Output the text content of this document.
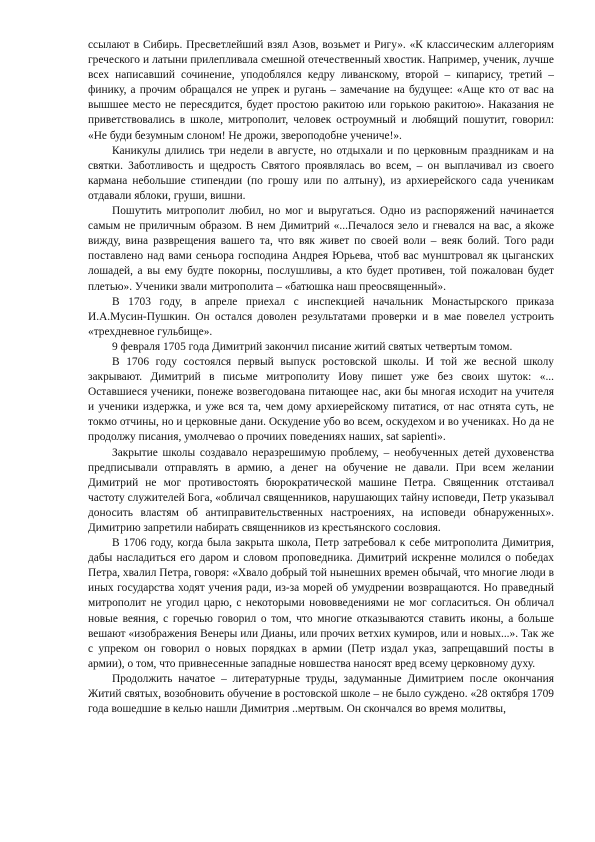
ссылают в Сибирь. Пресветлейший взял Азов, возьмет и Ригу». «К классическим аллегориям греческого и латыни прилепливала смешной отечественный хвостик. Например, ученик, лучше всех написавший сочинение, уподоблялся кедру ливанскому, второй – кипарису, третий – финику, а прочим обращался не упрек и ругань – замечание на будущее: «Аще кто от вас на вышшее место не пересядится, будет простою ракитою или горькою ракитою». Наказания не приветствовались в школе, митрополит, человек остроумный и любящий пошутит, говорил: «Не буди безумным слоном! Не дрожи, звероподобне учениче!».

Каникулы длились три недели в августе, но отдыхали и по церковным праздникам и на святки. Заботливость и щедрость Святого проявлялась во всем, – он выплачивал из своего кармана небольшие стипендии (по грошу или по алтыну), из архиерейского сада ученикам отдавали яблоки, груши, вишни.

Пошутить митрополит любил, но мог и выругаться. Одно из распоряжений начинается самым не приличным образом. В нем Димитрий «...Печалося зело и гневался на вас, а яkоже вижду, вина разврещения вашего та, что вяк живет по своей воли – веяк болий. Того ради поставлено над вами сеньора господина Андрея Юрьева, чтоб вас мунштровал як цыганских лошадей, а вы ему будте покорны, послушливы, а кто будет противен, той пожалован будет плетью». Ученики звали митрополита – «батюшка наш преосвященный».

В 1703 году, в апреле приехал с инспекцией начальник Монастырского приказа И.А.Мусин-Пушкин. Он остался доволен результатами проверки и в мае повелел устроить «трехдневное гульбище».

9 февраля 1705 года Димитрий закончил писание житий святых четвертым томом.

В 1706 году состоялся первый выпуск ростовской школы. И той же весной школу закрывают. Димитрий в письме митрополиту Иову пишет уже без своих шуток: «... Оставшиеся ученики, понеже возвегодована питающее нас, аки бы многая исходит на учителя и ученики издержка, и уже вся та, чем дому архиерейскому питатися, от нас отнята суть, не токмо отчины, но и церковные дани. Оскудение убо во всем, оскудехом и во учениках. Но да не продолжу писания, умолчевао о прочиих поведениях наших, sat sapienti».

Закрытие школы создавало неразрешимую проблему, – необученных детей духовенства предписывали отправлять в армию, а денег на обучение не давали. При всем желании Димитрий не мог противостоять бюрократической машине Петра. Священник отстаивал частоту служителей Бога, «обличал священников, нарушающих тайну исповеди, Петр указывал доносить властям об антиправительственных настроениях, на исповеди обнаруженных». Димитрию запретили набирать священников из крестьянского сословия.

В 1706 году, когда была закрыта школа, Петр затребовал к себе митрополита Димитрия, дабы насладиться его даром и словом проповедника. Димитрий искренне молился о победах Петра, хвалил Петра, говоря: «Хвало добрый той нынешних времен обычай, что многие люди в иных государства ходят учения ради, из-за морей об умудрении возвращаются. Но праведный митрополит не угодил царю, с некоторыми нововведениями не мог согласиться. Он обличал новые веяния, с горечью говорил о том, что многие отказываются ставить иконы, а больше вешают «изображения Венеры или Дианы, или прочих ветхих кумиров, или и новых...». Так же с упреком он говорил о новых порядках в армии (Петр издал указ, запрещавший посты в армии), о том, что привнесенные западные новшества наносят вред всему церковному духу.

Продолжить начатое – литературные труды, задуманные Димитрием после окончания Житий святых, возобновить обучение в ростовской школе – не было суждено. «28 октября 1709 года вошедшие в келью нашли Димитрия ..мертвым. Он скончался во время молитвы,
